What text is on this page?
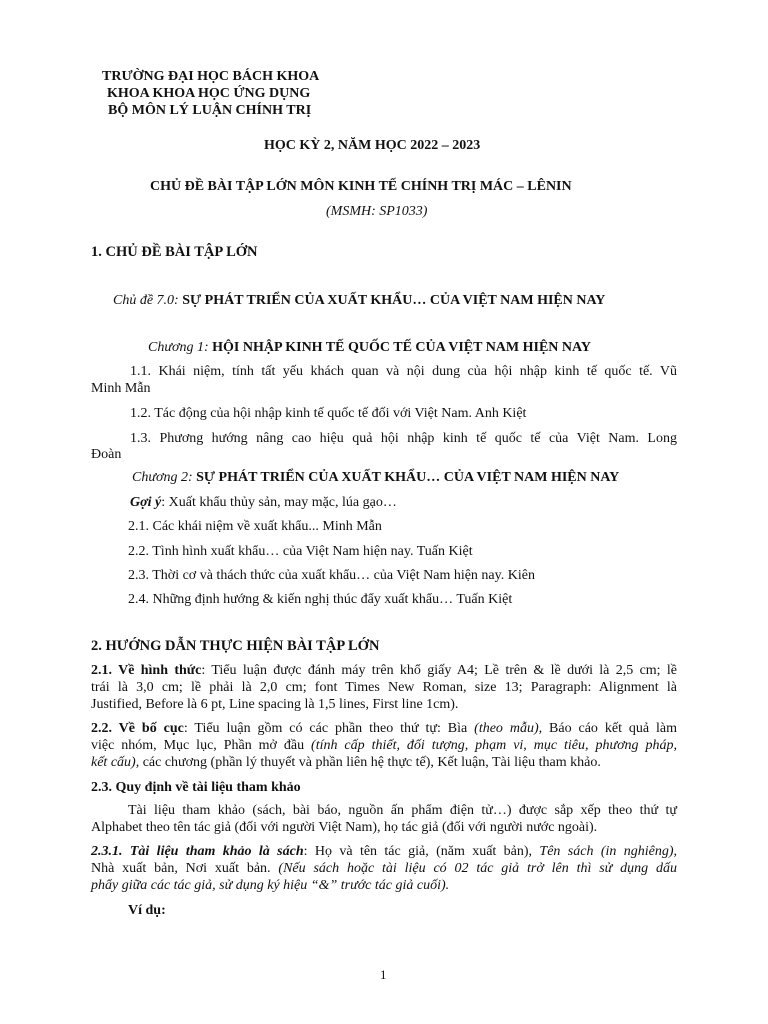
TRƯỜNG ĐẠI HỌC BÁCH KHOA
KHOA KHOA HỌC ỨNG DỤNG
BỘ MÔN LÝ LUẬN CHÍNH TRỊ
HỌC KỲ 2, NĂM HỌC 2022 – 2023
CHỦ ĐỀ BÀI TẬP LỚN MÔN KINH TẾ CHÍNH TRỊ MÁC – LÊNIN
(MSMH: SP1033)
1. CHỦ ĐỀ BÀI TẬP LỚN
Chủ đề 7.0: SỰ PHÁT TRIỂN CỦA XUẤT KHẨU… CỦA VIỆT NAM HIỆN NAY
Chương 1: HỘI NHẬP KINH TẾ QUỐC TẾ CỦA VIỆT NAM HIỆN NAY
1.1. Khái niệm, tính tất yếu khách quan và nội dung của hội nhập kinh tế quốc tế. Vũ
Minh Mẫn
1.2. Tác động của hội nhập kinh tế quốc tế đối với Việt Nam. Anh Kiệt
1.3. Phương hướng nâng cao hiệu quả hội nhập kinh tế quốc tế của Việt Nam. Long
Đoàn
Chương 2: SỰ PHÁT TRIỂN CỦA XUẤT KHẨU… CỦA VIỆT NAM HIỆN NAY
Gợi ý: Xuất khẩu thủy sản, may mặc, lúa gạo…
2.1. Các khái niệm về xuất khẩu... Minh Mẫn
2.2. Tình hình xuất khẩu… của Việt Nam hiện nay. Tuấn Kiệt
2.3. Thời cơ và thách thức của xuất khẩu… của Việt Nam hiện nay. Kiên
2.4. Những định hướng & kiến nghị thúc đẩy xuất khẩu… Tuấn Kiệt
2. HƯỚNG DẪN THỰC HIỆN BÀI TẬP LỚN
2.1. Về hình thức: Tiểu luận được đánh máy trên khổ giấy A4; Lề trên & lề dưới là 2,5 cm; lề
trái là 3,0 cm; lề phải là 2,0 cm; font Times New Roman, size 13; Paragraph: Alignment là
Justified, Before là 6 pt, Line spacing là 1,5 lines, First line 1cm).
2.2. Về bố cục: Tiểu luận gồm có các phần theo thứ tự: Bìa (theo mẫu), Báo cáo kết quả làm
việc nhóm, Mục lục, Phần mở đầu (tính cấp thiết, đối tượng, phạm vi, mục tiêu, phương pháp,
kết cấu), các chương (phần lý thuyết và phần liên hệ thực tế), Kết luận, Tài liệu tham khảo.
2.3. Quy định về tài liệu tham khảo
Tài liệu tham khảo (sách, bài báo, nguồn ấn phẩm điện tử…) được sắp xếp theo thứ tự
Alphabet theo tên tác giả (đối với người Việt Nam), họ tác giả (đối với người nước ngoài).
2.3.1. Tài liệu tham khảo là sách: Họ và tên tác giả, (năm xuất bản), Tên sách (in nghiêng),
Nhà xuất bản, Nơi xuất bản. (Nếu sách hoặc tài liệu có 02 tác giả trở lên thì sử dụng dấu
phẩy giữa các tác giả, sử dụng ký hiệu “&” trước tác giả cuối).
Ví dụ:
1
